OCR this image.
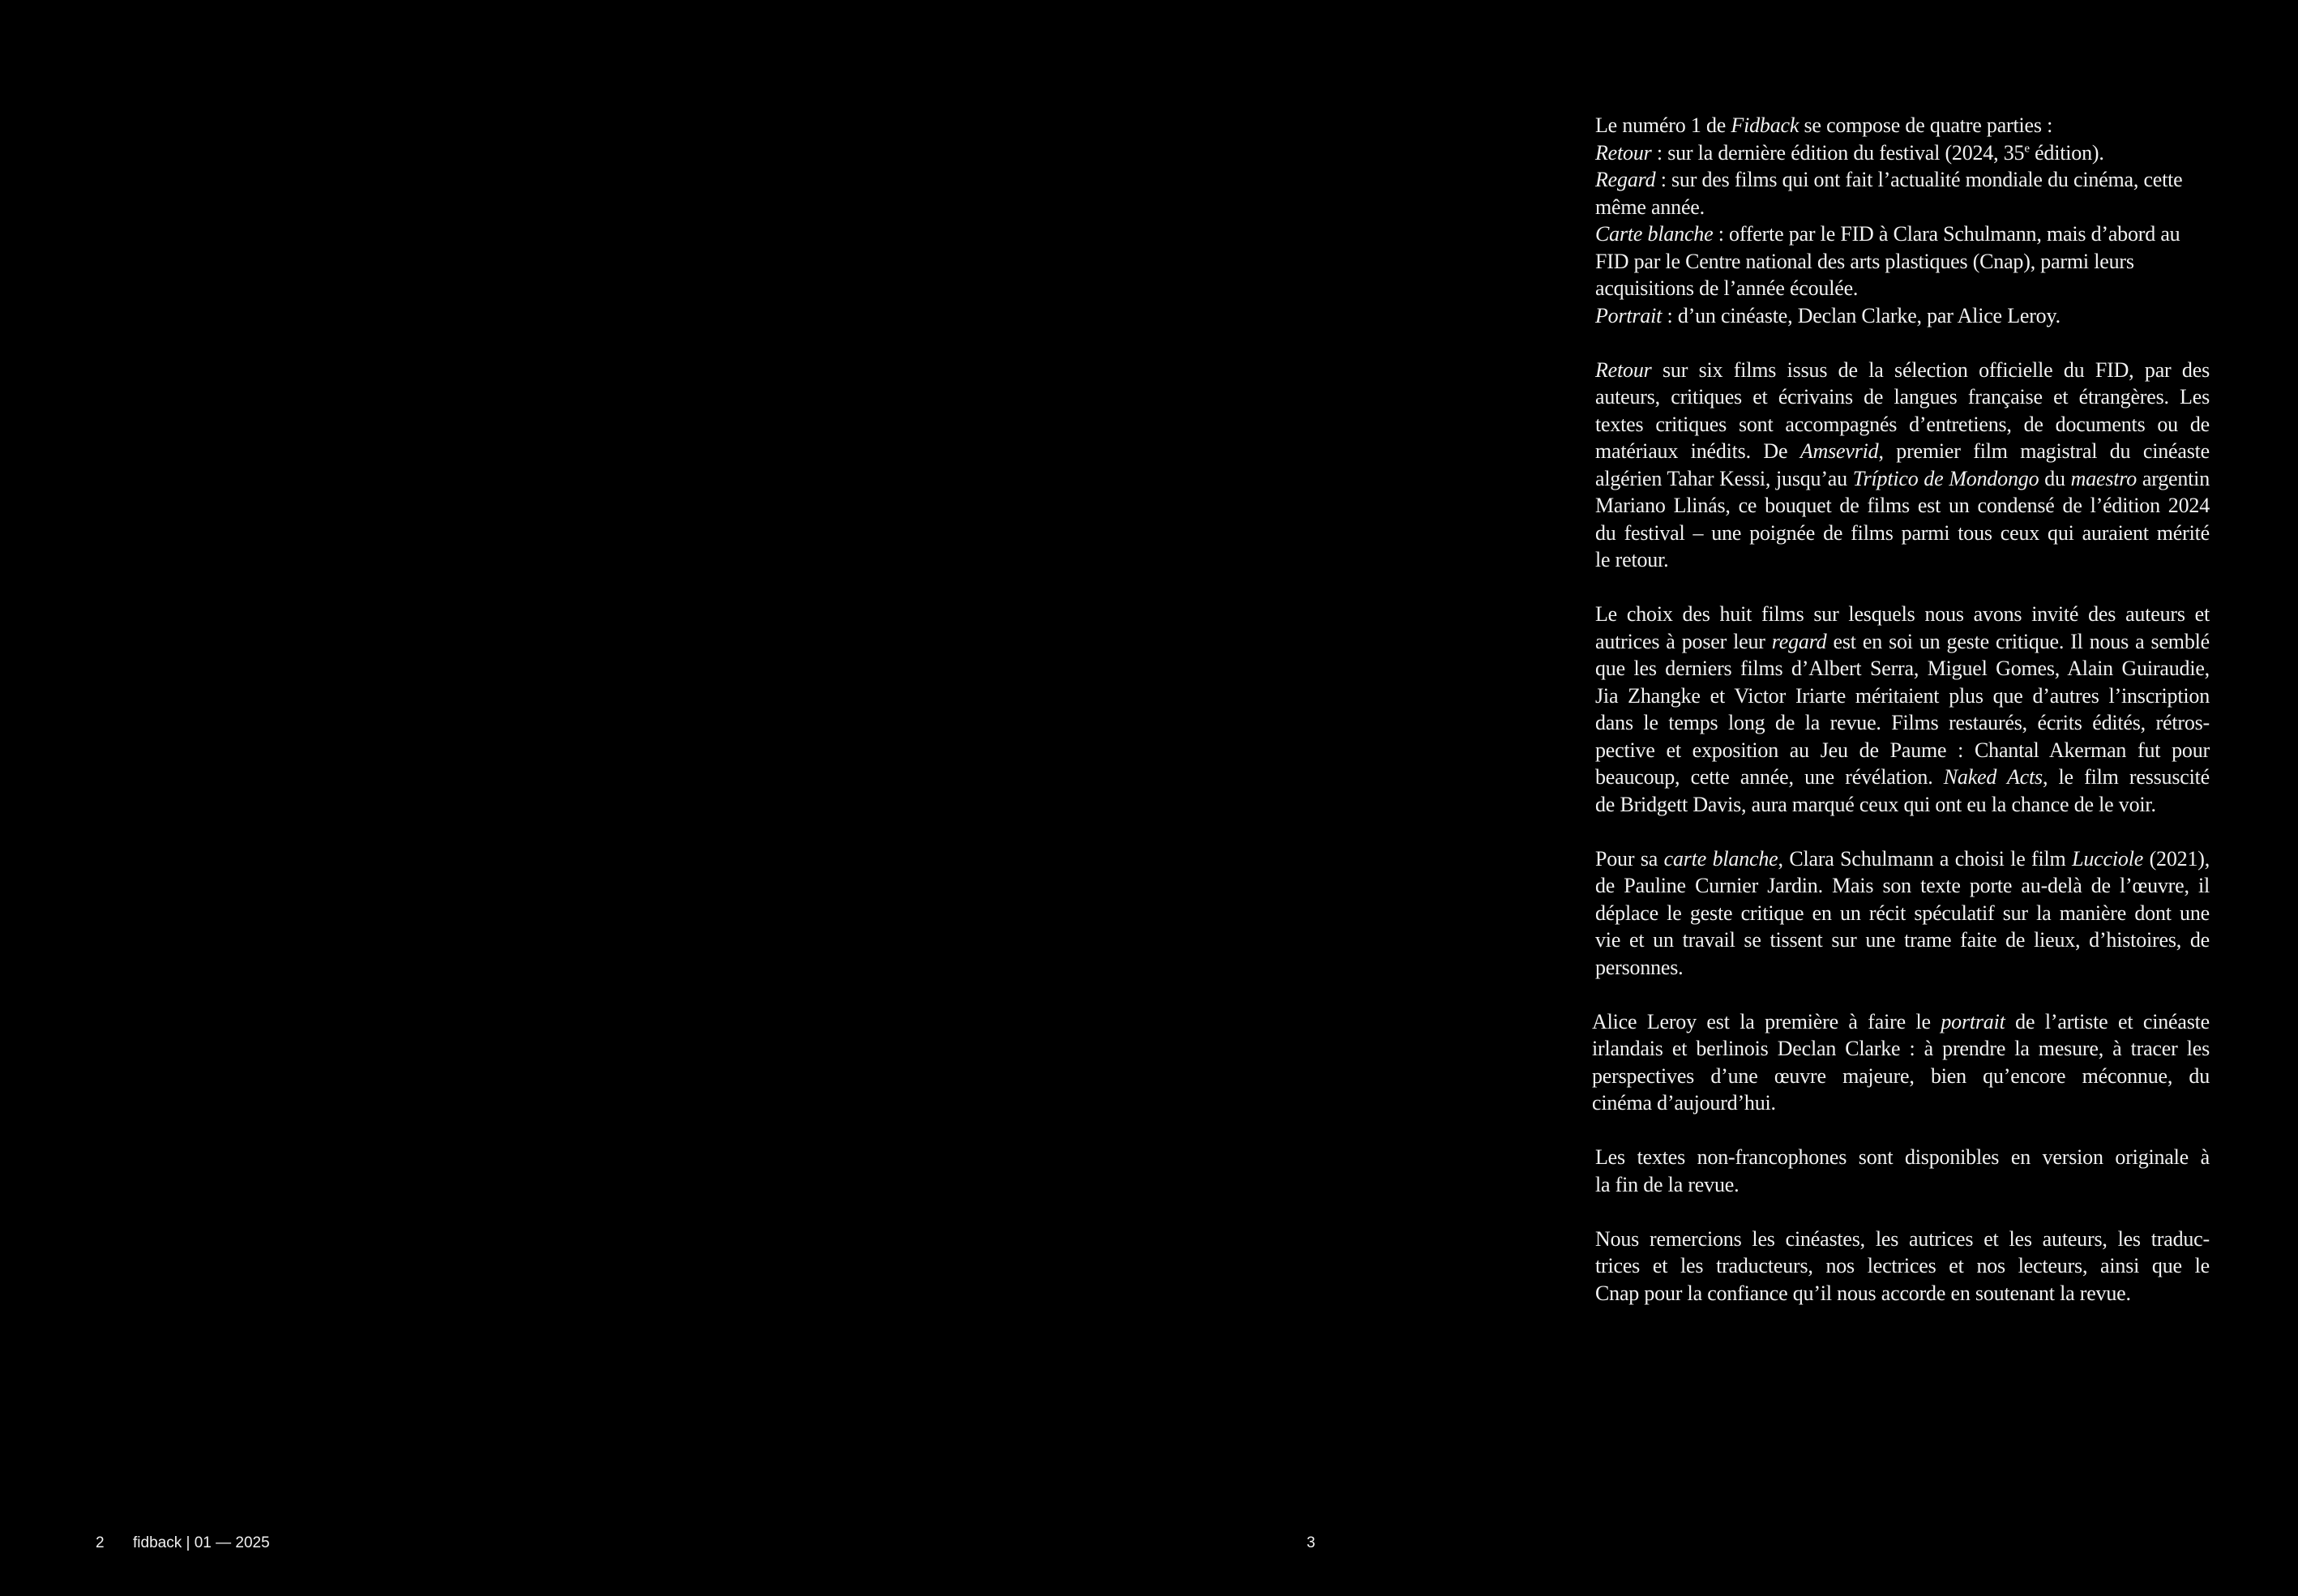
Le numéro 1 de Fidback se compose de quatre parties :
Retour : sur la dernière édition du festival (2024, 35e édition).
Regard : sur des films qui ont fait l’actualité mondiale du cinéma, cette
même année.
Carte blanche : offerte par le FID à Clara Schulmann, mais d’abord au
FID par le Centre national des arts plastiques (Cnap), parmi leurs
acquisitions de l’année écoulée.
Portrait : d’un cinéaste, Declan Clarke, par Alice Leroy.

Retour sur six films issus de la sélection officielle du FID, par des
auteurs, critiques et écrivains de langues française et étrangères. Les
textes critiques sont accompagnés d’entretiens, de documents ou de
matériaux inédits. De Amsevrid, premier film magistral du cinéaste
algérien Tahar Kessi, jusqu’au Tríptico de Mondongo du maestro argentin
Mariano Llinás, ce bouquet de films est un condensé de l’édition 2024
du festival – une poignée de films parmi tous ceux qui auraient mérité
le retour.

Le choix des huit films sur lesquels nous avons invité des auteurs et
autrices à poser leur regard est en soi un geste critique. Il nous a semblé
que les derniers films d’Albert Serra, Miguel Gomes, Alain Guiraudie,
Jia Zhangke et Victor Iriarte méritaient plus que d’autres l’inscription
dans le temps long de la revue. Films restaurés, écrits édités, rétros-
pective et exposition au Jeu de Paume : Chantal Akerman fut pour
beaucoup, cette année, une révélation. Naked Acts, le film ressuscité
de Bridgett Davis, aura marqué ceux qui ont eu la chance de le voir.

Pour sa carte blanche, Clara Schulmann a choisi le film Lucciole (2021),
de Pauline Curnier Jardin. Mais son texte porte au-delà de l’œuvre, il
déplace le geste critique en un récit spéculatif sur la manière dont une
vie et un travail se tissent sur une trame faite de lieux, d’histoires, de
personnes.

Alice Leroy est la première à faire le portrait de l’artiste et cinéaste
irlandais et berlinois Declan Clarke : à prendre la mesure, à tracer les
perspectives d’une œuvre majeure, bien qu’encore méconnue, du
cinéma d’aujourd’hui.

Les textes non-francophones sont disponibles en version originale à
la fin de la revue.

Nous remercions les cinéastes, les autrices et les auteurs, les traduc-
trices et les traducteurs, nos lectrices et nos lecteurs, ainsi que le
Cnap pour la confiance qu’il nous accorde en soutenant la revue.

2 fidback | 01 — 2025	3
